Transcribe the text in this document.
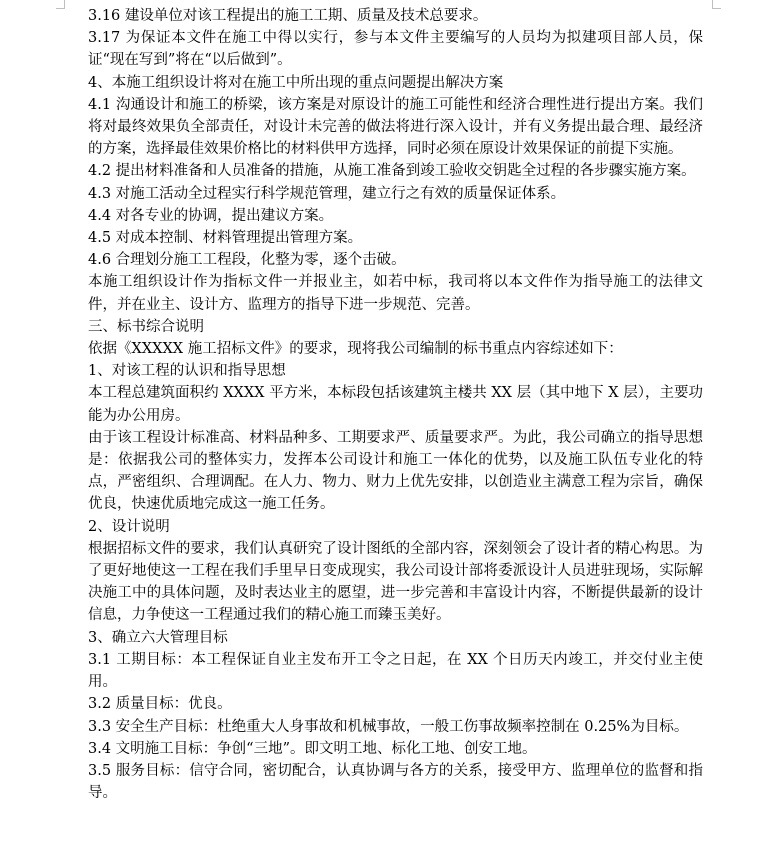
3.16 建设单位对该工程提出的施工工期、质量及技术总要求。

3.17 为保证本文件在施工中得以实行，参与本文件主要编写的人员均为拟建项目部人员，保证“现在写到”将在“以后做到”。

4、本施工组织设计将对在施工中所出现的重点问题提出解决方案

4.1 沟通设计和施工的桥梁，该方案是对原设计的施工可能性和经济合理性进行提出方案。我们将对最终效果负全部责任，对设计未完善的做法将进行深入设计，并有义务提出最合理、最经济的方案，选择最佳效果价格比的材料供甲方选择，同时必须在原设计效果保证的前提下实施。

4.2 提出材料准备和人员准备的措施，从施工准备到竣工验收交钥匙全过程的各步骤实施方案。

4.3 对施工活动全过程实行科学规范管理，建立行之有效的质量保证体系。

4.4 对各专业的协调，提出建议方案。

4.5 对成本控制、材料管理提出管理方案。

4.6 合理划分施工工程段，化整为零，逐个击破。

本施工组织设计作为指标文件一并报业主，如若中标，我司将以本文件作为指导施工的法律文件，并在业主、设计方、监理方的指导下进一步规范、完善。

三、标书综合说明

依据《XXXXX 施工招标文件》的要求，现将我公司编制的标书重点内容综述如下：

1、对该工程的认识和指导思想

本工程总建筑面积约 XXXX 平方米，本标段包括该建筑主楼共 XX 层（其中地下 X 层），主要功能为办公用房。

由于该工程设计标准高、材料品种多、工期要求严、质量要求严。为此，我公司确立的指导思想是：依据我公司的整体实力，发挥本公司设计和施工一体化的优势，以及施工队伍专业化的特点，严密组织、合理调配。在人力、物力、财力上优先安排，以创造业主满意工程为宗旨，确保优良，快速优质地完成这一施工任务。

2、设计说明

根据招标文件的要求，我们认真研究了设计图纸的全部内容，深刻领会了设计者的精心构思。为了更好地使这一工程在我们手里早日变成现实，我公司设计部将委派设计人员进驻现场，实际解决施工中的具体问题，及时表达业主的愿望，进一步完善和丰富设计内容，不断提供最新的设计信息，力争使这一工程通过我们的精心施工而臻玉美好。

3、确立六大管理目标

3.1 工期目标：本工程保证自业主发布开工令之日起，在 XX 个日历天内竣工，并交付业主使用。

3.2 质量目标：优良。

3.3 安全生产目标：杜绝重大人身事故和机械事故，一般工伤事故频率控制在 0.25%为目标。

3.4 文明施工目标：争创“三地”。即文明工地、标化工地、创安工地。

3.5 服务目标：信守合同，密切配合，认真协调与各方的关系，接受甲方、监理单位的监督和指导。
